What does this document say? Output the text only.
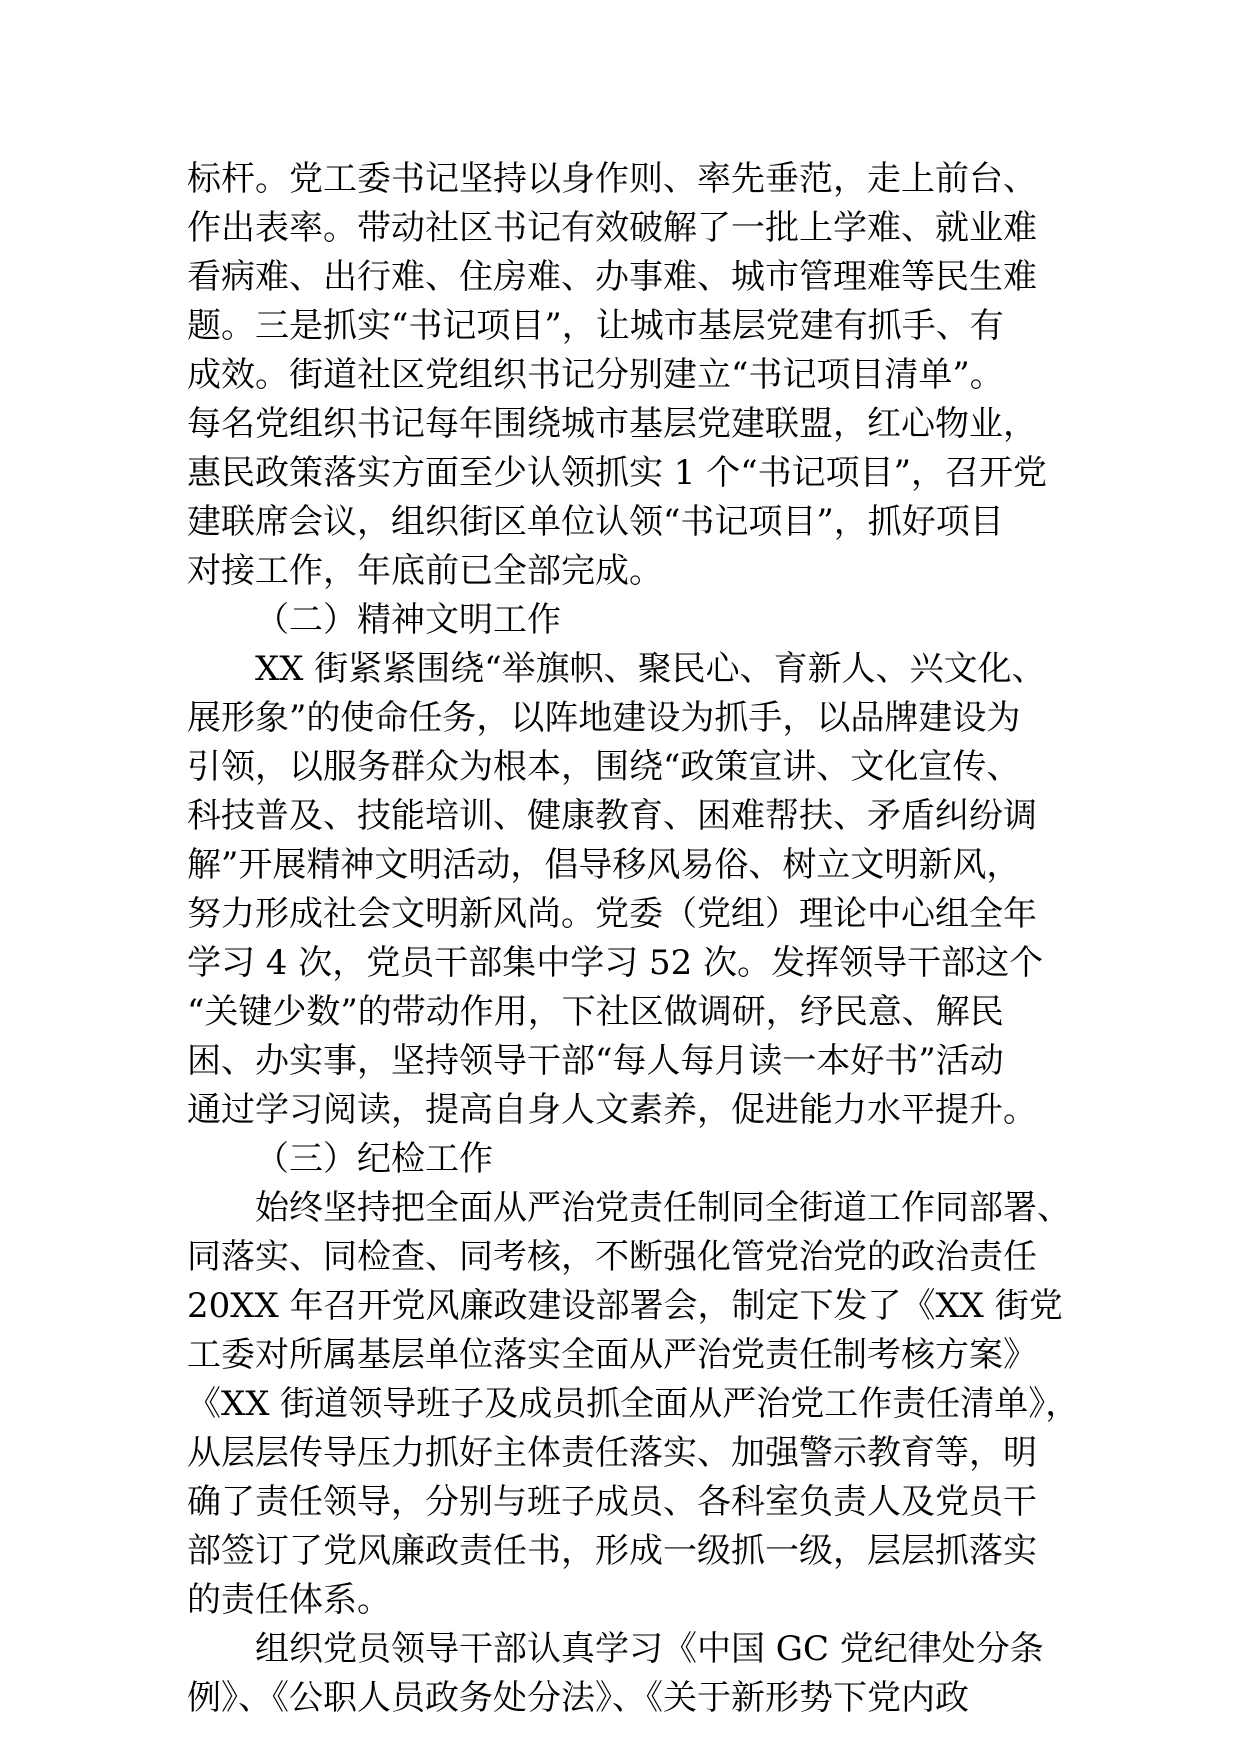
标杆。党工委书记坚持以身作则、率先垂范，走上前台、
作出表率。带动社区书记有效破解了一批上学难、就业难
看病难、出行难、住房难、办事难、城市管理难等民生难
题。三是抓实“书记项目”，让城市基层党建有抓手、有
成效。街道社区党组织书记分别建立“书记项目清单”。
每名党组织书记每年围绕城市基层党建联盟，红心物业，
惠民政策落实方面至少认领抓实 1 个“书记项目”，召开党
建联席会议，组织街区单位认领“书记项目”，抓好项目
对接工作，年底前已全部完成。
（二）精神文明工作
XX 街紧紧围绕“举旗帜、聚民心、育新人、兴文化、
展形象”的使命任务，以阵地建设为抓手，以品牌建设为
引领，以服务群众为根本，围绕“政策宣讲、文化宣传、
科技普及、技能培训、健康教育、困难帮扶、矛盾纠纷调
解”开展精神文明活动，倡导移风易俗、树立文明新风，
努力形成社会文明新风尚。党委（党组）理论中心组全年
学习 4 次，党员干部集中学习 52 次。发挥领导干部这个
“关键少数”的带动作用，下社区做调研，纾民意、解民
困、办实事，坚持领导干部“每人每月读一本好书”活动
通过学习阅读，提高自身人文素养，促进能力水平提升。
（三）纪检工作
始终坚持把全面从严治党责任制同全街道工作同部署、
同落实、同检查、同考核，不断强化管党治党的政治责任
20XX 年召开党风廉政建设部署会，制定下发了《XX 街党
工委对所属基层单位落实全面从严治党责任制考核方案》
《XX 街道领导班子及成员抓全面从严治党工作责任清单》，
从层层传导压力抓好主体责任落实、加强警示教育等，明
确了责任领导，分别与班子成员、各科室负责人及党员干
部签订了党风廉政责任书，形成一级抓一级，层层抓落实
的责任体系。
组织党员领导干部认真学习《中国 GC 党纪律处分条
例》、《公职人员政务处分法》、《关于新形势下党内政
